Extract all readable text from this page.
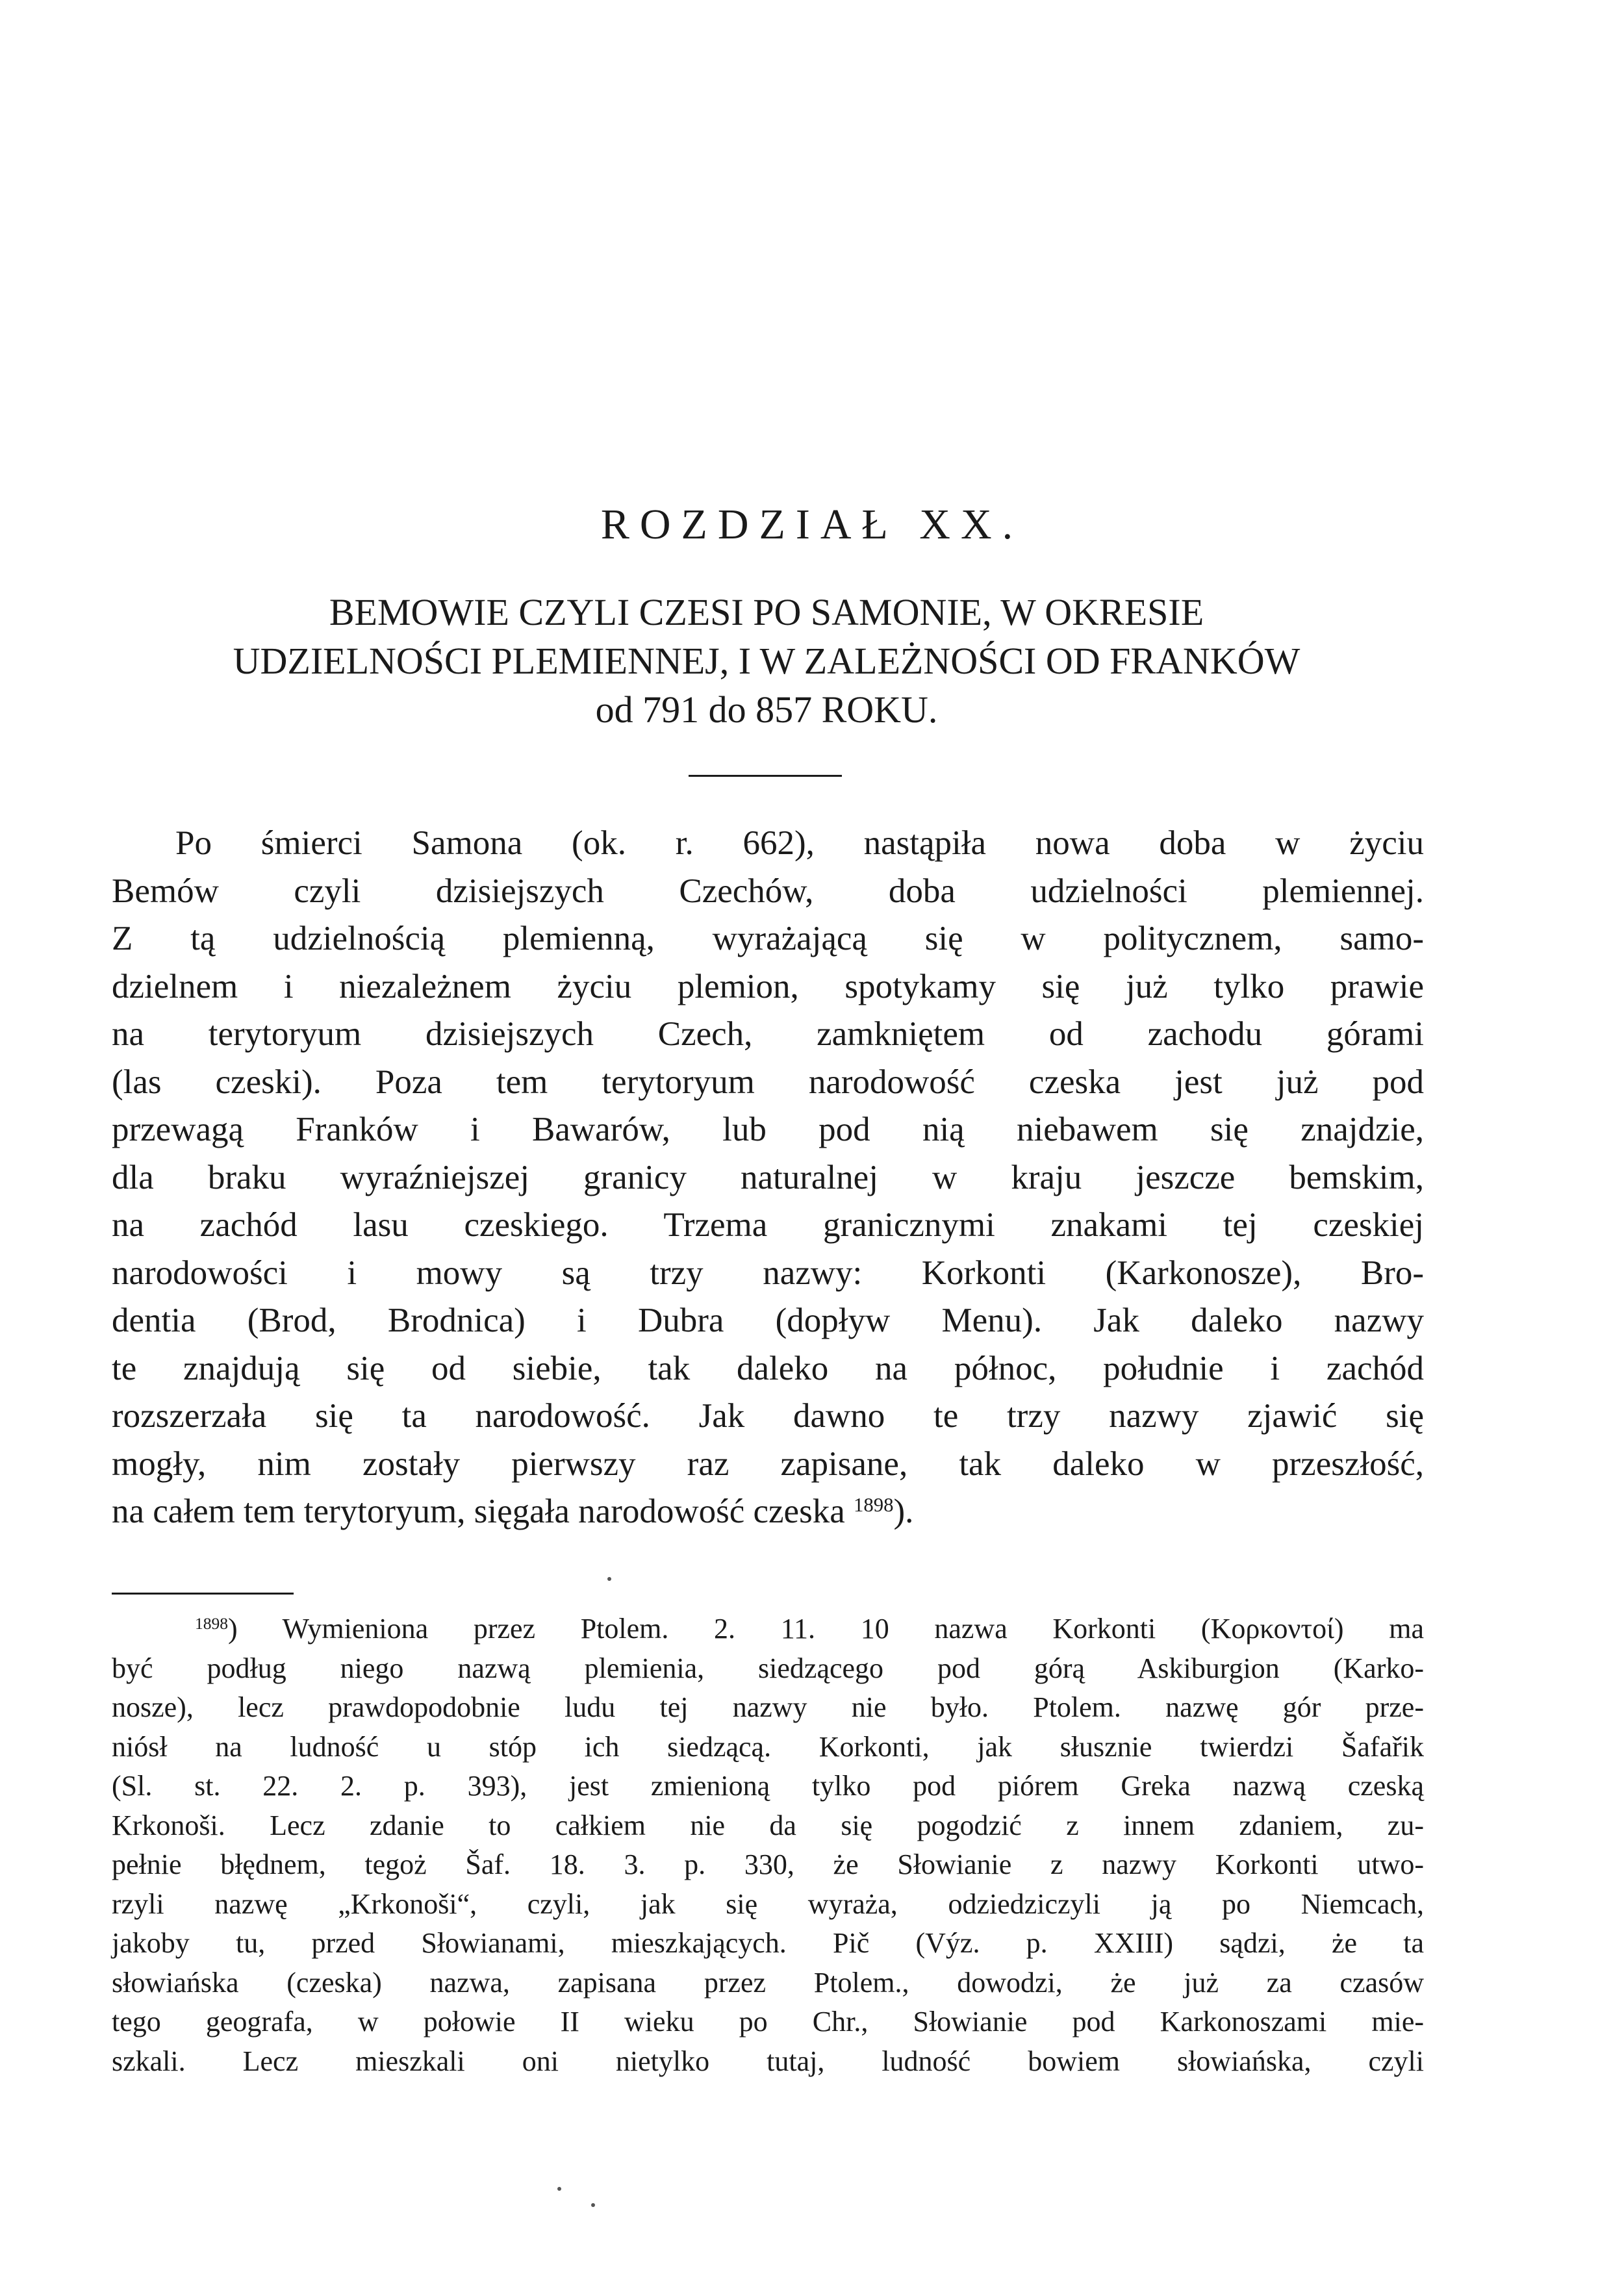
ROZDZIAŁ XX.
BEMOWIE CZYLI CZESI PO SAMONIE, W OKRESIE
UDZIELNOŚCI PLEMIENNEJ, I W ZALEŻNOŚCI OD FRANKÓW
od 791 do 857 ROKU.
Po śmierci Samona (ok. r. 662), nastąpiła nowa doba w życiu
Bemów czyli dzisiejszych Czechów, doba udzielności plemiennej.
Z tą udzielnością plemienną, wyrażającą się w politycznem, samo-
dzielnem i niezależnem życiu plemion, spotykamy się już tylko prawie
na terytoryum dzisiejszych Czech, zamkniętem od zachodu górami
(las czeski). Poza tem terytoryum narodowość czeska jest już pod
przewagą Franków i Bawarów, lub pod nią niebawem się znajdzie,
dla braku wyraźniejszej granicy naturalnej w kraju jeszcze bemskim,
na zachód lasu czeskiego. Trzema granicznymi znakami tej czeskiej
narodowości i mowy są trzy nazwy: Korkonti (Karkonosze), Bro-
dentia (Brod, Brodnica) i Dubra (dopływ Menu). Jak daleko nazwy
te znajdują się od siebie, tak daleko na północ, południe i zachód
rozszerzała się ta narodowość. Jak dawno te trzy nazwy zjawić się
mogły, nim zostały pierwszy raz zapisane, tak daleko w przeszłość,
na całem tem terytoryum, sięgała narodowość czeska $^{1898}$).
$^{1898}$) Wymieniona przez Ptolem. 2. 11. 10 nazwa Korkonti (Κορκοντοί) ma
być podług niego nazwą plemienia, siedzącego pod górą Askiburgion (Karko-
nosze), lecz prawdopodobnie ludu tej nazwy nie było. Ptolem. nazwę gór prze-
niósł na ludność u stóp ich siedzącą. Korkonti, jak słusznie twierdzi Šafařik
(Sl. st. 22. 2. p. 393), jest zmienioną tylko pod piórem Greka nazwą czeską
Krkonoši. Lecz zdanie to całkiem nie da się pogodzić z innem zdaniem, zu-
pełnie błędnem, tegoż Šaf. 18. 3. p. 330, że Słowianie z nazwy Korkonti utwo-
rzyli nazwę „Krkonoši“, czyli, jak się wyraża, odziedziczyli ją po Niemcach,
jakoby tu, przed Słowianami, mieszkających. Pič (Výz. p. XXIII) sądzi, że ta
słowiańska (czeska) nazwa, zapisana przez Ptolem., dowodzi, że już za czasów
tego geografa, w połowie II wieku po Chr., Słowianie pod Karkonoszami mie-
szkali. Lecz mieszkali oni nietylko tutaj, ludność bowiem słowiańska, czyli
